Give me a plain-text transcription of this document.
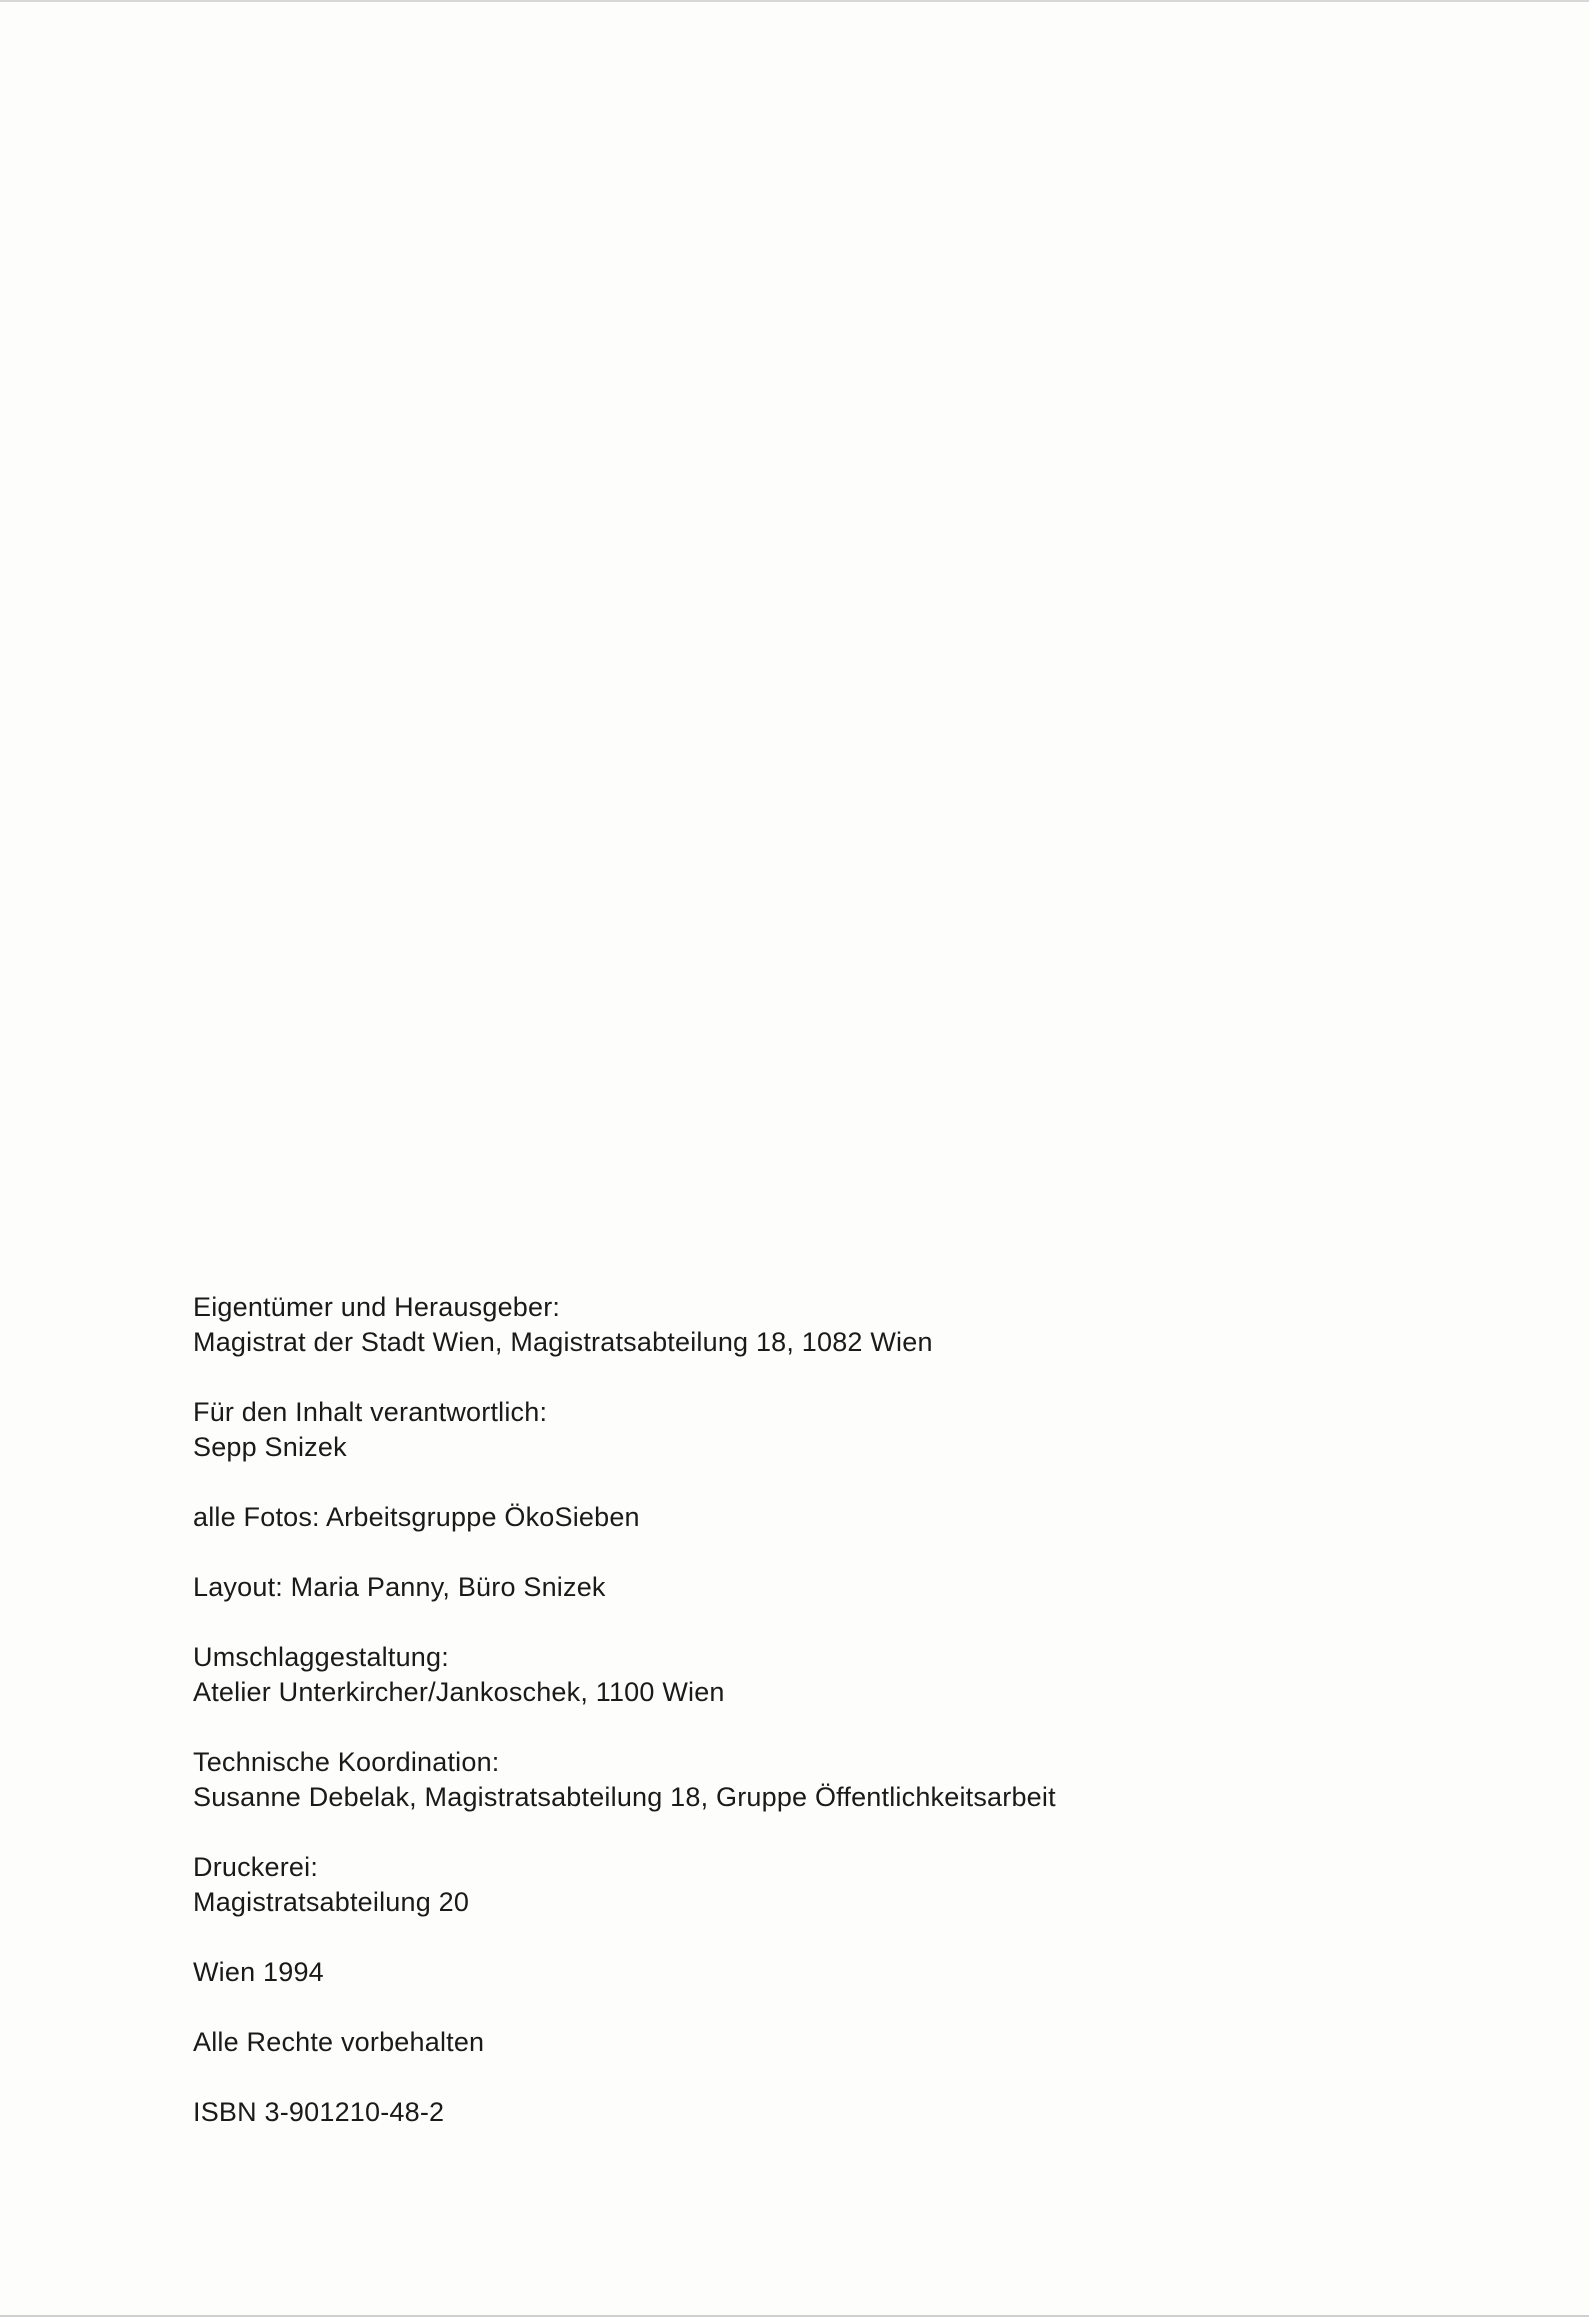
Eigentümer und Herausgeber:
Magistrat der Stadt Wien, Magistratsabteilung 18, 1082 Wien
Für den Inhalt verantwortlich:
Sepp Snizek
alle Fotos: Arbeitsgruppe ÖkoSieben
Layout: Maria Panny, Büro Snizek
Umschlaggestaltung:
Atelier Unterkircher/Jankoschek, 1100 Wien
Technische Koordination:
Susanne Debelak, Magistratsabteilung 18, Gruppe Öffentlichkeitsarbeit
Druckerei:
Magistratsabteilung 20
Wien 1994
Alle Rechte vorbehalten
ISBN 3-901210-48-2
